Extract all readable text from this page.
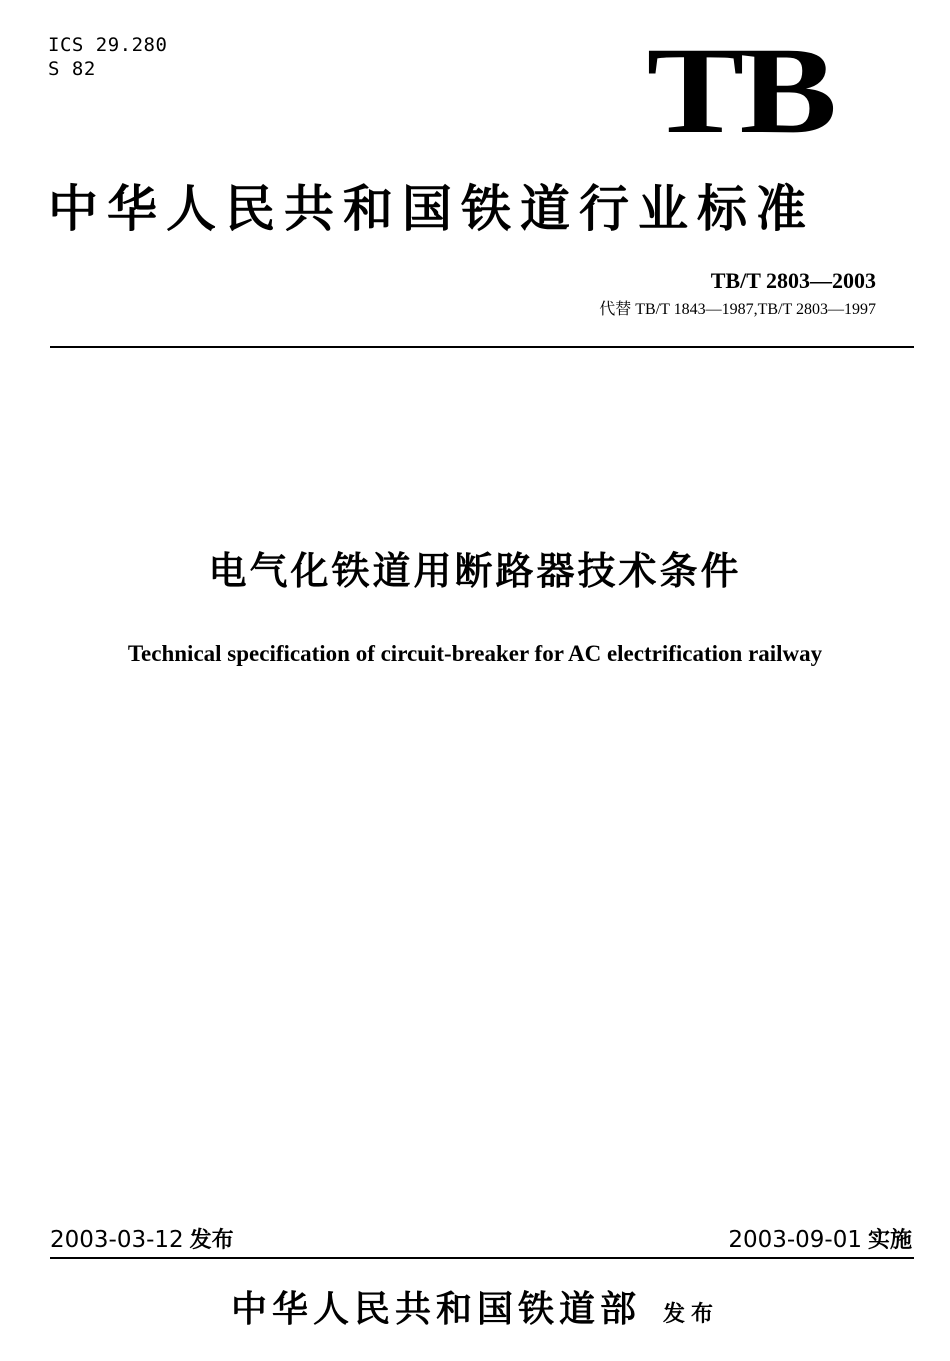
ICS 29.280
S 82	TB
中华人民共和国铁道行业标准
TB/T 2803—2003
代替 TB/T 1843—1987,TB/T 2803—1997
电气化铁道用断路器技术条件
Technical specification of circuit-breaker for AC electrification railway
2003-03-12 发布	2003-09-01 实施
中华人民共和国铁道部 发布
